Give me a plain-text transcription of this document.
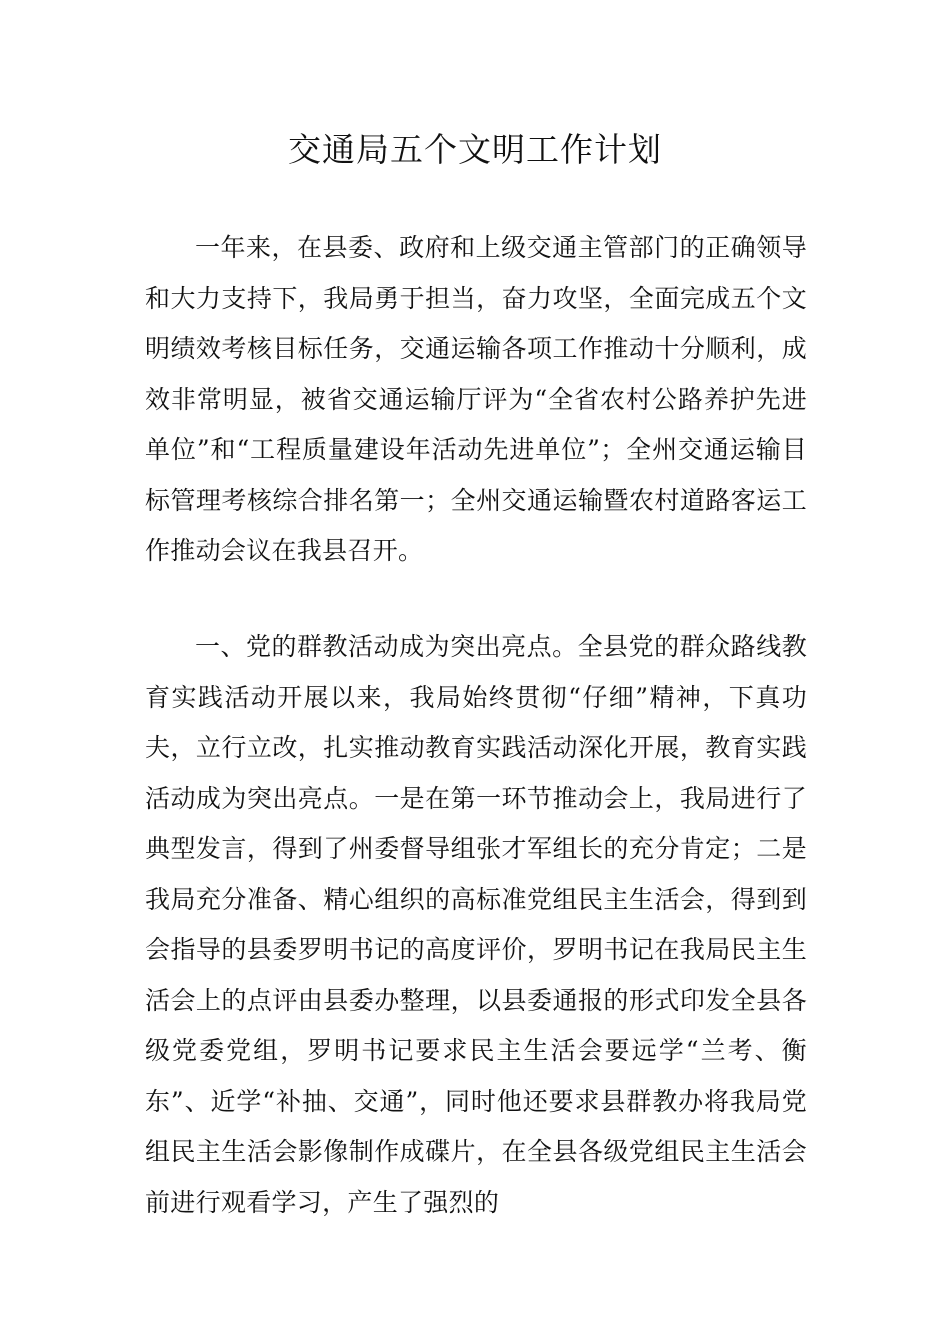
交通局五个文明工作计划

一年来，在县委、政府和上级交通主管部门的正确领导和大力支持下，我局勇于担当，奋力攻坚，全面完成五个文明绩效考核目标任务，交通运输各项工作推动十分顺利，成效非常明显，被省交通运输厅评为“全省农村公路养护先进单位”和“工程质量建设年活动先进单位”；全州交通运输目标管理考核综合排名第一；全州交通运输暨农村道路客运工作推动会议在我县召开。

一、党的群教活动成为突出亮点。全县党的群众路线教育实践活动开展以来，我局始终贯彻“仔细”精神，下真功夫，立行立改，扎实推动教育实践活动深化开展，教育实践活动成为突出亮点。一是在第一环节推动会上，我局进行了典型发言，得到了州委督导组张才军组长的充分肯定；二是我局充分准备、精心组织的高标准党组民主生活会，得到到会指导的县委罗明书记的高度评价，罗明书记在我局民主生活会上的点评由县委办整理，以县委通报的形式印发全县各级党委党组，罗明书记要求民主生活会要远学“兰考、衡东”、近学“补抽、交通”，同时他还要求县群教办将我局党组民主生活会影像制作成碟片，在全县各级党组民主生活会前进行观看学习，产生了强烈的
